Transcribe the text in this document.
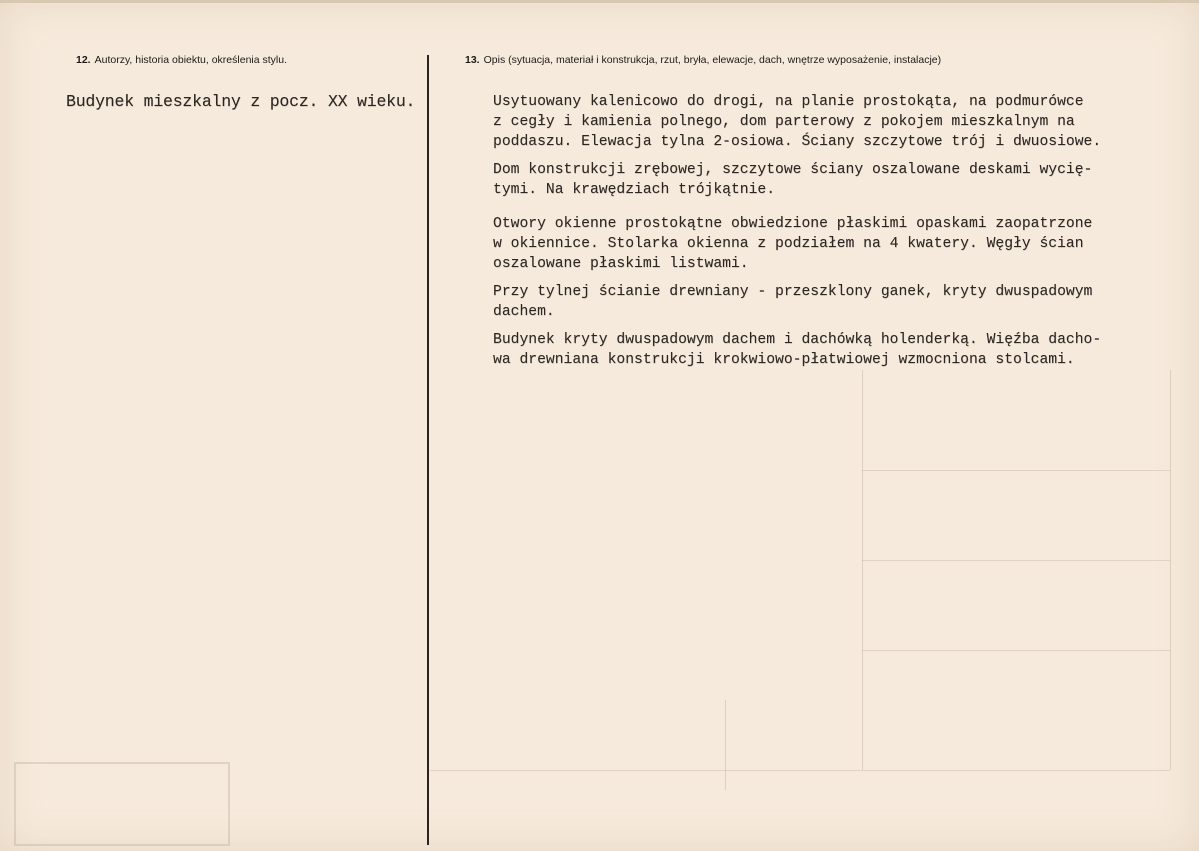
12. Autorzy, historia obiektu, określenia stylu.	13. Opis (sytuacja, materiał i konstrukcja, rzut, bryła, elewacje, dach, wnętrze wyposażenie, instalacje)
Budynek mieszkalny z pocz. XX wieku.	Usytuowany kalenicowo do drogi, na planie prostokąta, na podmurówce
z cegły i kamienia polnego, dom parterowy z pokojem mieszkalnym na
poddaszu. Elewacja tylna 2-osiowa. Ściany szczytowe trój i dwuosiowe.
Dom konstrukcji zrębowej, szczytowe ściany oszalowane deskami wycię-
tymi. Na krawędziach trójkątnie.
Otwory okienne prostokątne obwiedzione płaskimi opaskami zaopatrzone
w okiennice. Stolarka okienna z podziałem na 4 kwatery. Węgły ścian
oszalowane płaskimi listwami.
Przy tylnej ścianie drewniany - przeszklony ganek, kryty dwuspadowym
dachem.
Budynek kryty dwuspadowym dachem i dachówką holenderką. Więźba dacho-
wa drewniana konstrukcji krokwiowo-płatwiowej wzmocniona stolcami.
